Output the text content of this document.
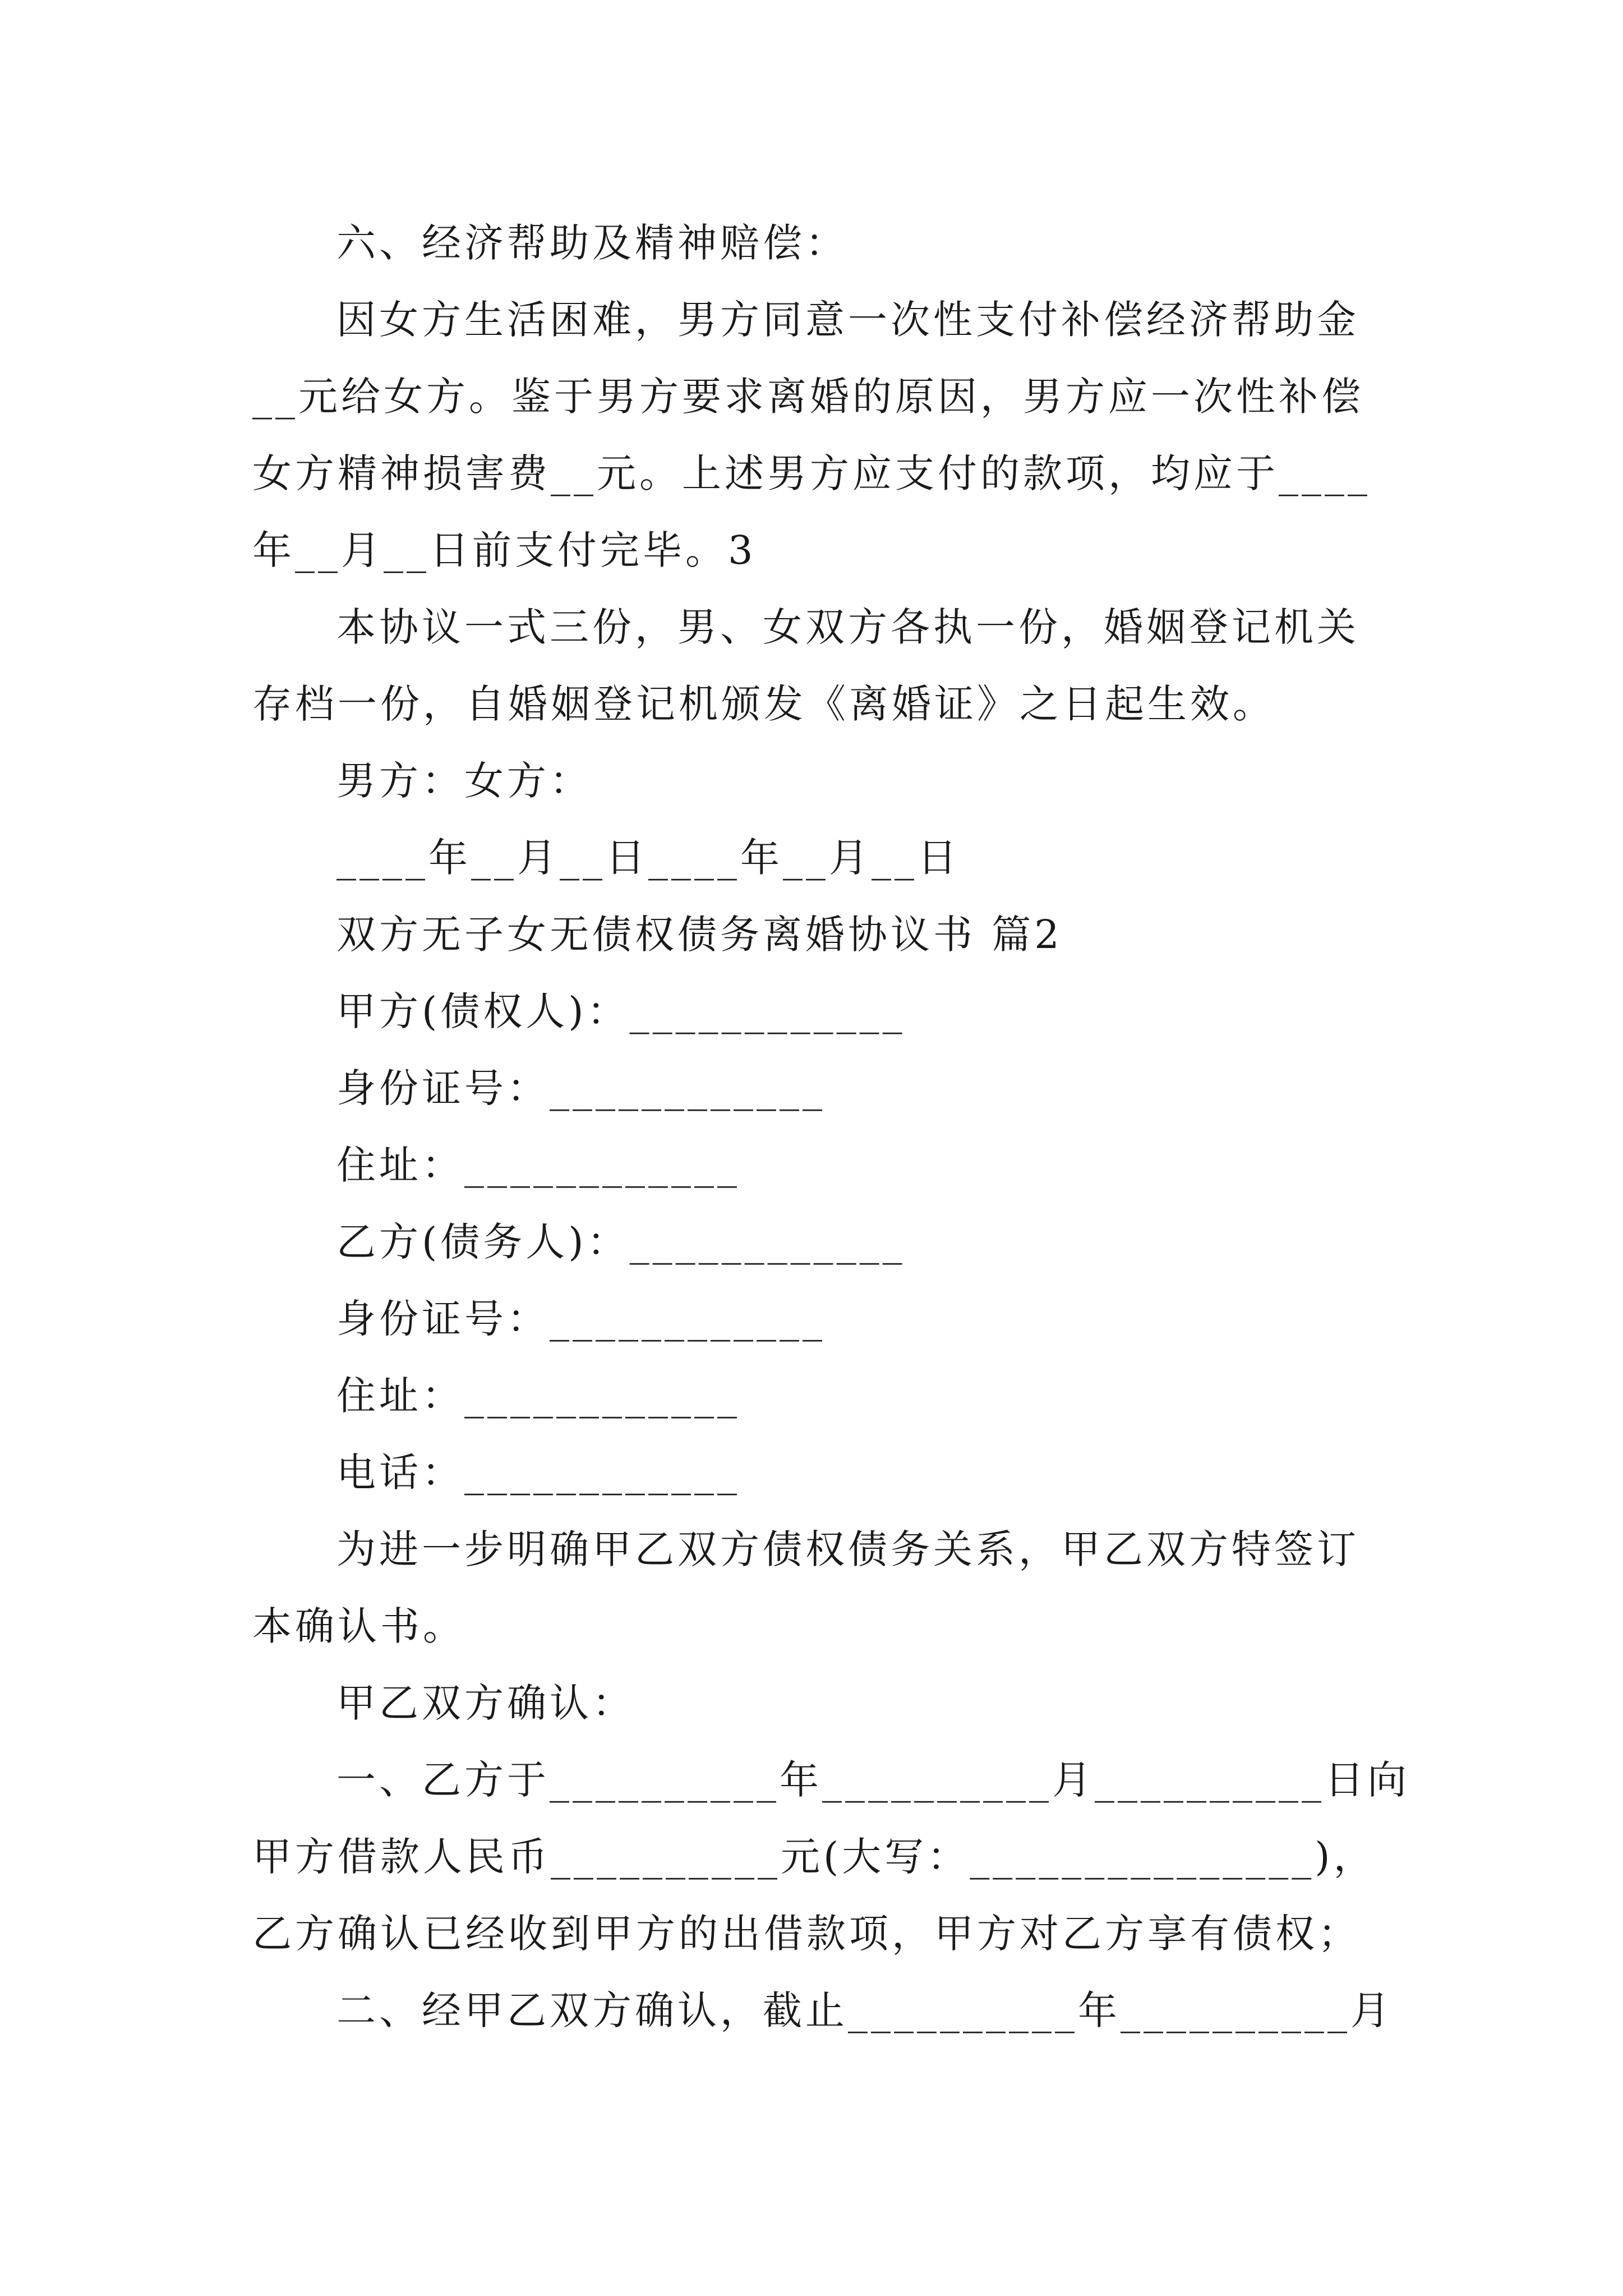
六、经济帮助及精神赔偿：
因女方生活困难，男方同意一次性支付补偿经济帮助金
__元给女方。鉴于男方要求离婚的原因，男方应一次性补偿
女方精神损害费__元。上述男方应支付的款项，均应于____
年__月__日前支付完毕。3
本协议一式三份，男、女双方各执一份，婚姻登记机关
存档一份，自婚姻登记机颁发《离婚证》之日起生效。
男方：女方：
____年__月__日____年__月__日
双方无子女无债权债务离婚协议书 篇2
甲方(债权人)：____________
身份证号：____________
住址：____________
乙方(债务人)：____________
身份证号：____________
住址：____________
电话：____________
为进一步明确甲乙双方债权债务关系，甲乙双方特签订
本确认书。
甲乙双方确认：
一、乙方于__________年__________月__________日向
甲方借款人民币__________元(大写：_______________)，
乙方确认已经收到甲方的出借款项，甲方对乙方享有债权；
二、经甲乙双方确认，截止__________年__________月
